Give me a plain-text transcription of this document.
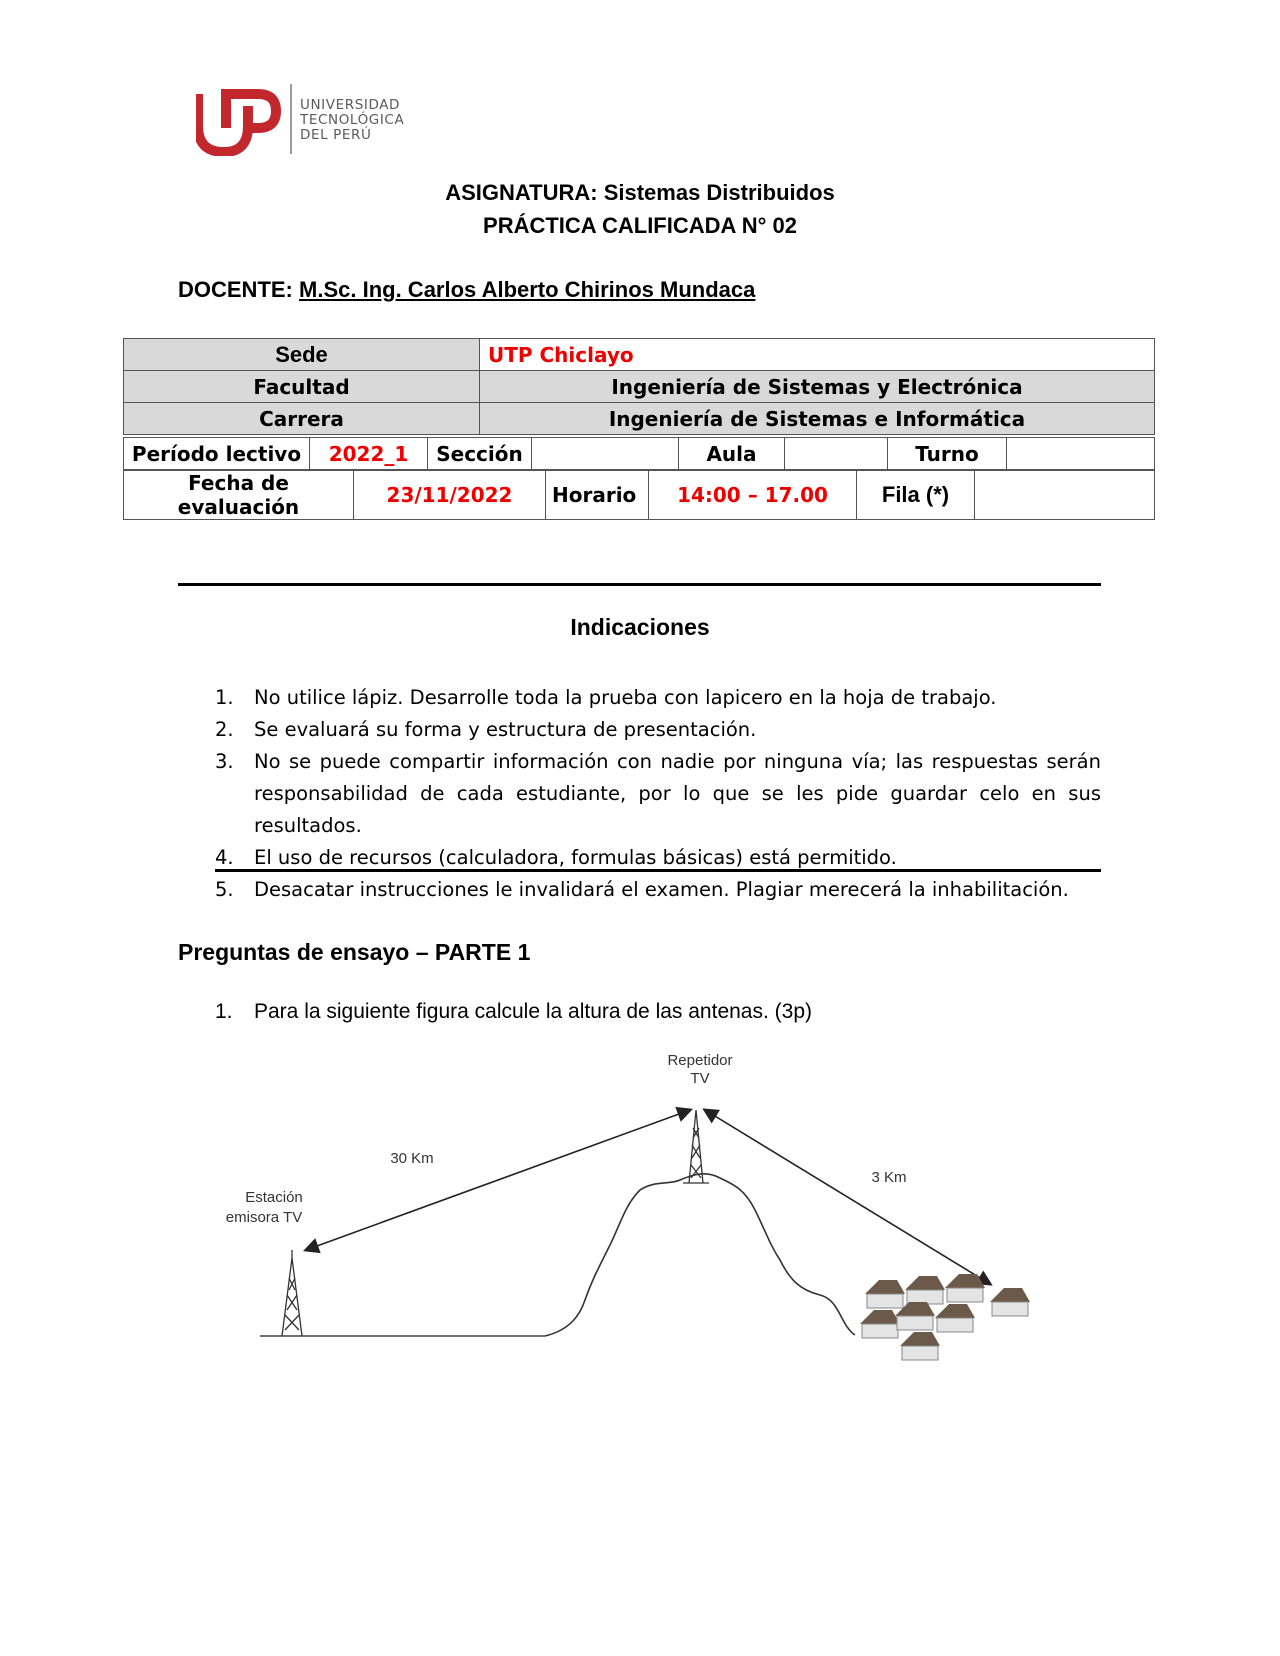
UNIVERSIDAD
TECNOLÓGICA
DEL PERÚ
ASIGNATURA: Sistemas Distribuidos
PRÁCTICA CALIFICADA N° 02
DOCENTE: M.Sc. Ing. Carlos Alberto Chirinos Mundaca
Sede	UTP Chiclayo
Facultad	Ingeniería de Sistemas y Electrónica
Carrera	Ingeniería de Sistemas e Informática
Período lectivo	2022_1	Sección		Aula		Turno	
Fecha de evaluación	23/11/2022	Horario	14:00 – 17.00	Fila (*)	
Indicaciones
1. No utilice lápiz. Desarrolle toda la prueba con lapicero en la hoja de trabajo.
2. Se evaluará su forma y estructura de presentación.
3. No se puede compartir información con nadie por ninguna vía; las respuestas serán responsabilidad de cada estudiante, por lo que se les pide guardar celo en sus resultados.
4. El uso de recursos (calculadora, formulas básicas) está permitido.
5. Desacatar instrucciones le invalidará el examen. Plagiar merecerá la inhabilitación.
Preguntas de ensayo – PARTE 1
1. Para la siguiente figura calcule la altura de las antenas. (3p)
Repetidor
TV
Estación
emisora TV
30 Km
3 Km
